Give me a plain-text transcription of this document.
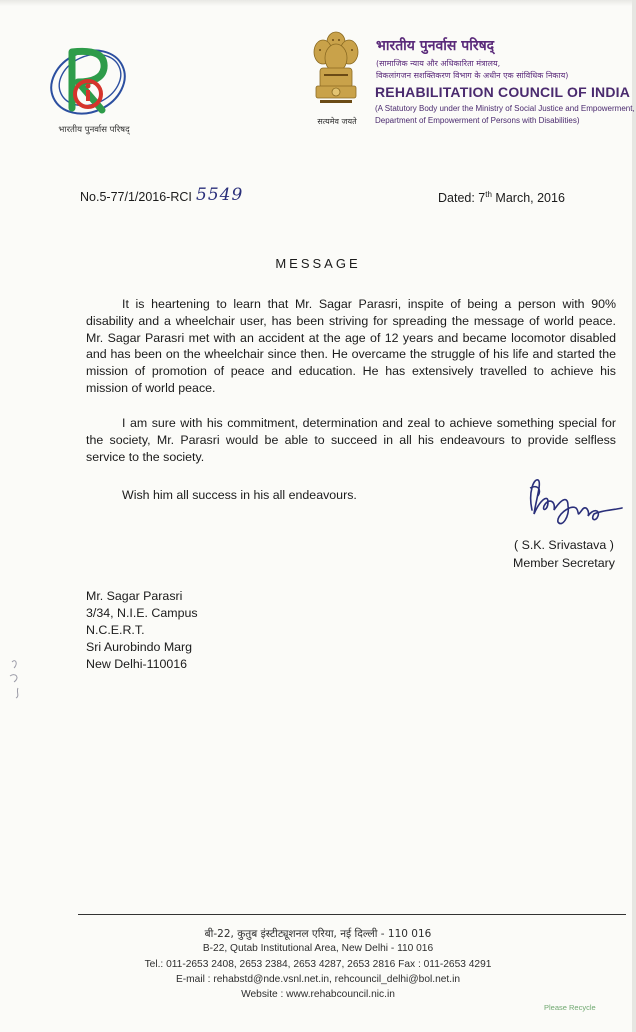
भारतीय पुनर्वास परिषद्
सत्यमेव जयते
भारतीय पुनर्वास परिषद्
(सामाजिक न्याय और अधिकारिता मंत्रालय,
विकलांगजन सशक्तिकरण विभाग के अधीन एक सांविधिक निकाय)
REHABILITATION COUNCIL OF INDIA
(A Statutory Body under the Ministry of Social Justice and Empowerment,
Department of Empowerment of Persons with Disabilities)
No.5-77/1/2016-RCI 5549	Dated: 7th March, 2016
MESSAGE
It is heartening to learn that Mr. Sagar Parasri, inspite of being a person with 90% disability and a wheelchair user, has been striving for spreading the message of world peace. Mr. Sagar Parasri met with an accident at the age of 12 years and became locomotor disabled and has been on the wheelchair since then. He overcame the struggle of his life and started the mission of promotion of peace and education. He has extensively travelled to achieve his mission of world peace.
I am sure with his commitment, determination and zeal to achieve something special for the society, Mr. Parasri would be able to succeed in all his endeavours to provide selfless service to the society.
Wish him all success in his all endeavours.
( S.K. Srivastava )
Member Secretary
Mr. Sagar Parasri
3/34, N.I.E. Campus
N.C.E.R.T.
Sri Aurobindo Marg
New Delhi-110016
बी-22, कुतुब इंस्टीट्यूशनल एरिया, नई दिल्ली - 110 016
B-22, Qutab Institutional Area, New Delhi - 110 016
Tel.: 011-2653 2408, 2653 2384, 2653 4287, 2653 2816 Fax : 011-2653 4291
E-mail : rehabstd@nde.vsnl.net.in, rehcouncil_delhi@bol.net.in
Website : www.rehabcouncil.nic.in
Please Recycle
